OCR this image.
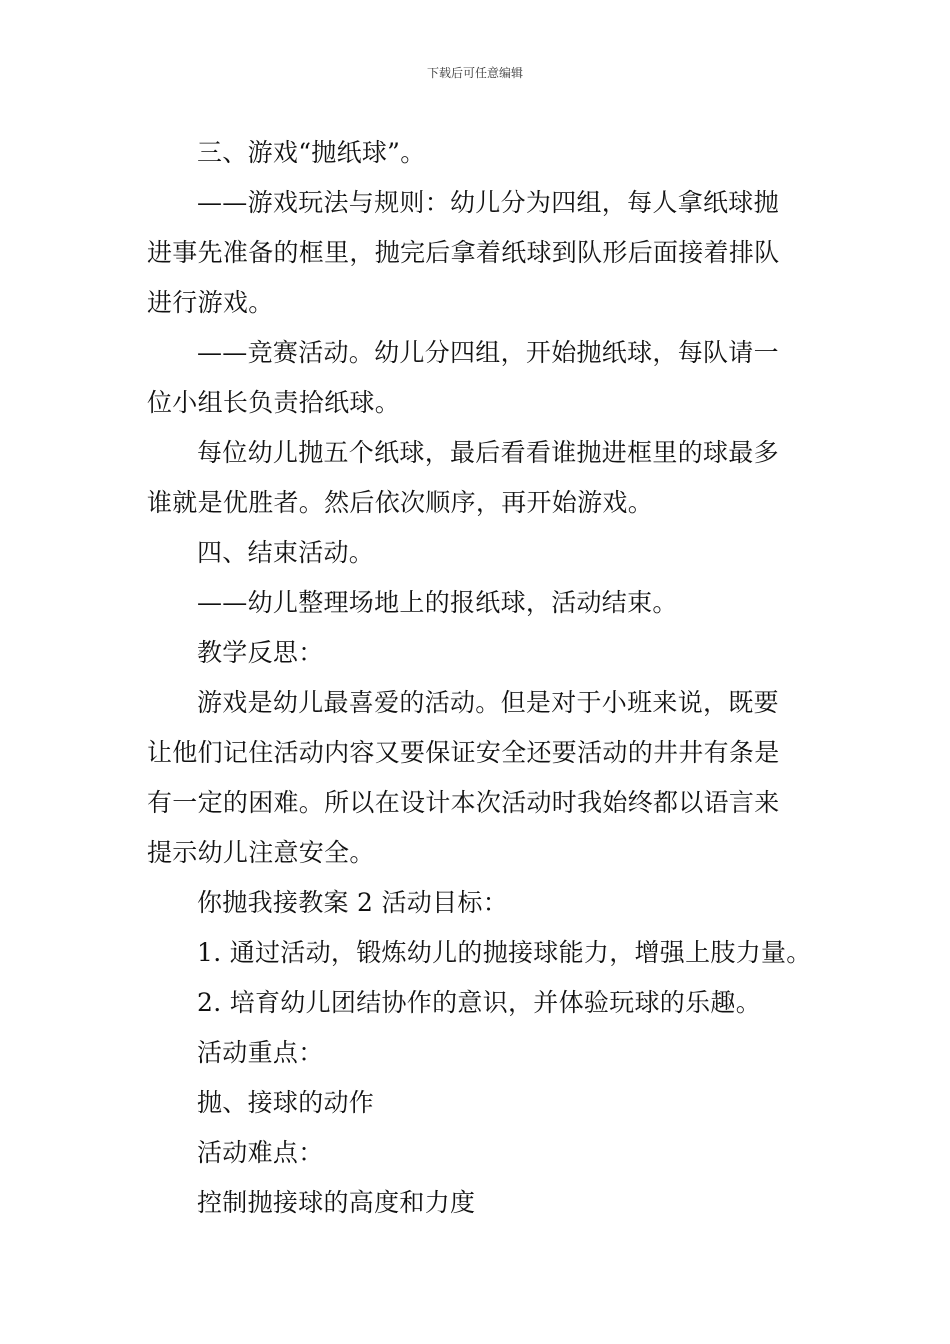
下载后可任意编辑
三、游戏“抛纸球”。
——游戏玩法与规则：幼儿分为四组，每人拿纸球抛
进事先准备的框里，抛完后拿着纸球到队形后面接着排队
进行游戏。
——竞赛活动。幼儿分四组，开始抛纸球，每队请一
位小组长负责拾纸球。
每位幼儿抛五个纸球，最后看看谁抛进框里的球最多
谁就是优胜者。然后依次顺序，再开始游戏。
四、结束活动。
——幼儿整理场地上的报纸球，活动结束。
教学反思：
游戏是幼儿最喜爱的活动。但是对于小班来说，既要
让他们记住活动内容又要保证安全还要活动的井井有条是
有一定的困难。所以在设计本次活动时我始终都以语言来
提示幼儿注意安全。
你抛我接教案 2 活动目标：
1. 通过活动，锻炼幼儿的抛接球能力，增强上肢力量。
2. 培育幼儿团结协作的意识，并体验玩球的乐趣。
活动重点：
抛、接球的动作
活动难点：
控制抛接球的高度和力度
